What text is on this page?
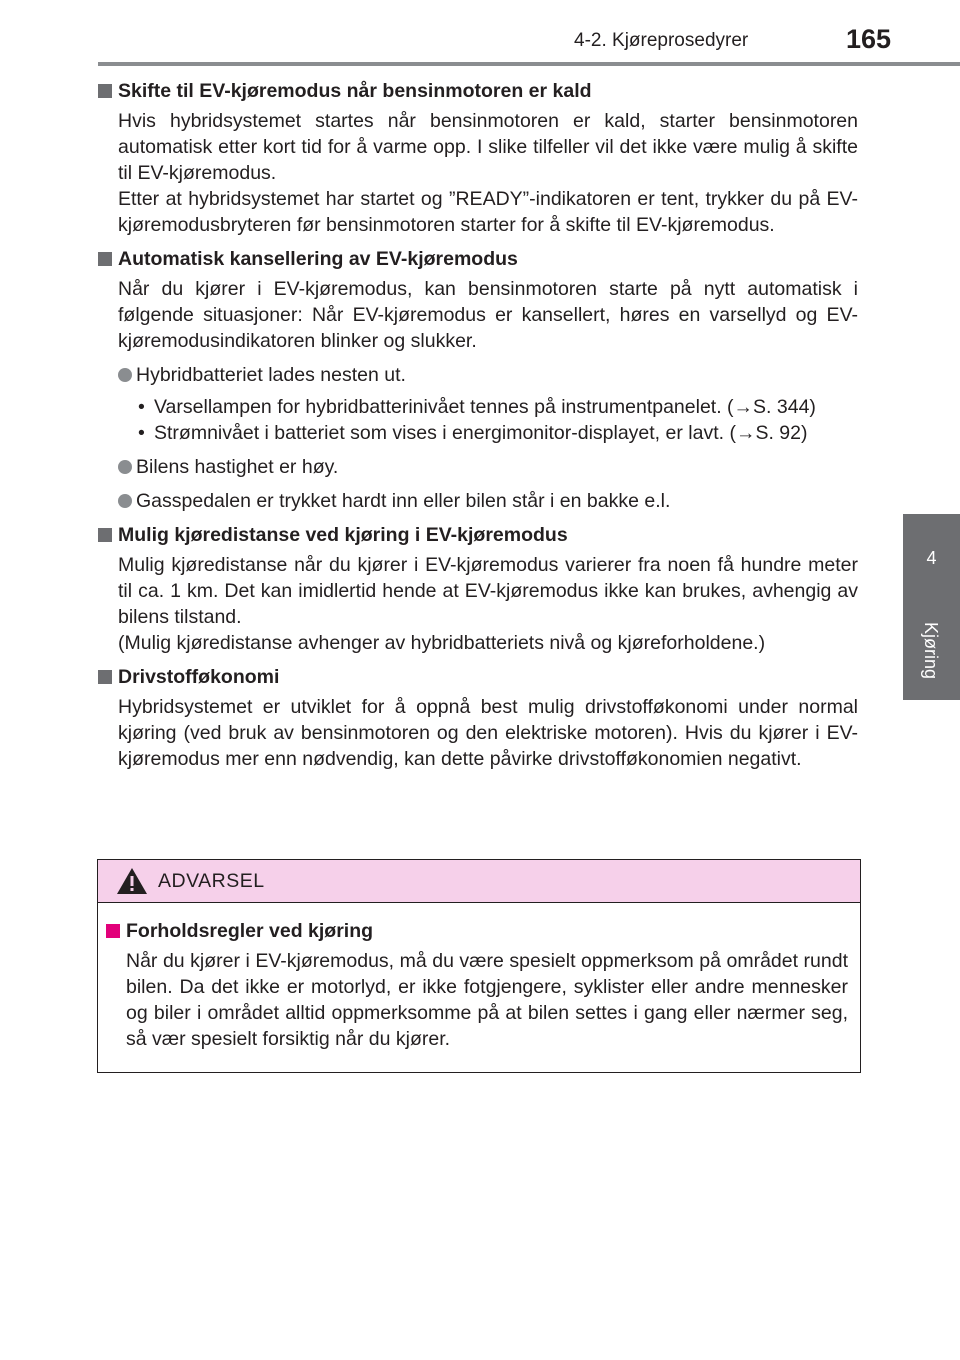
4-2. Kjøreprosedyrer	165
4
Kjøring
Skifte til EV-kjøremodus når bensinmotoren er kald
Hvis hybridsystemet startes når bensinmotoren er kald, starter bensinmotoren automatisk etter kort tid for å varme opp. I slike tilfeller vil det ikke være mulig å skifte til EV-kjøremodus.
Etter at hybridsystemet har startet og ”READY”-indikatoren er tent, trykker du på EV-kjøremodusbryteren før bensinmotoren starter for å skifte til EV-kjøremodus.
Automatisk kansellering av EV-kjøremodus
Når du kjører i EV-kjøremodus, kan bensinmotoren starte på nytt automatisk i følgende situasjoner: Når EV-kjøremodus er kansellert, høres en varsellyd og EV-kjøremodusindikatoren blinker og slukker.
Hybridbatteriet lades nesten ut.
• Varsellampen for hybridbatterinivået tennes på instrumentpanelet. (→S. 344)
• Strømnivået i batteriet som vises i energimonitor-displayet, er lavt. (→S. 92)
Bilens hastighet er høy.
Gasspedalen er trykket hardt inn eller bilen står i en bakke e.l.
Mulig kjøredistanse ved kjøring i EV-kjøremodus
Mulig kjøredistanse når du kjører i EV-kjøremodus varierer fra noen få hundre meter til ca. 1 km. Det kan imidlertid hende at EV-kjøremodus ikke kan brukes, avhengig av bilens tilstand.
(Mulig kjøredistanse avhenger av hybridbatteriets nivå og kjøreforholdene.)
Drivstofføkonomi
Hybridsystemet er utviklet for å oppnå best mulig drivstofføkonomi under normal kjøring (ved bruk av bensinmotoren og den elektriske motoren). Hvis du kjører i EV-kjøremodus mer enn nødvendig, kan dette påvirke drivstofføkonomien negativt.
ADVARSEL
Forholdsregler ved kjøring
Når du kjører i EV-kjøremodus, må du være spesielt oppmerksom på området rundt bilen. Da det ikke er motorlyd, er ikke fotgjengere, syklister eller andre mennesker og biler i området alltid oppmerksomme på at bilen settes i gang eller nærmer seg, så vær spesielt forsiktig når du kjører.
